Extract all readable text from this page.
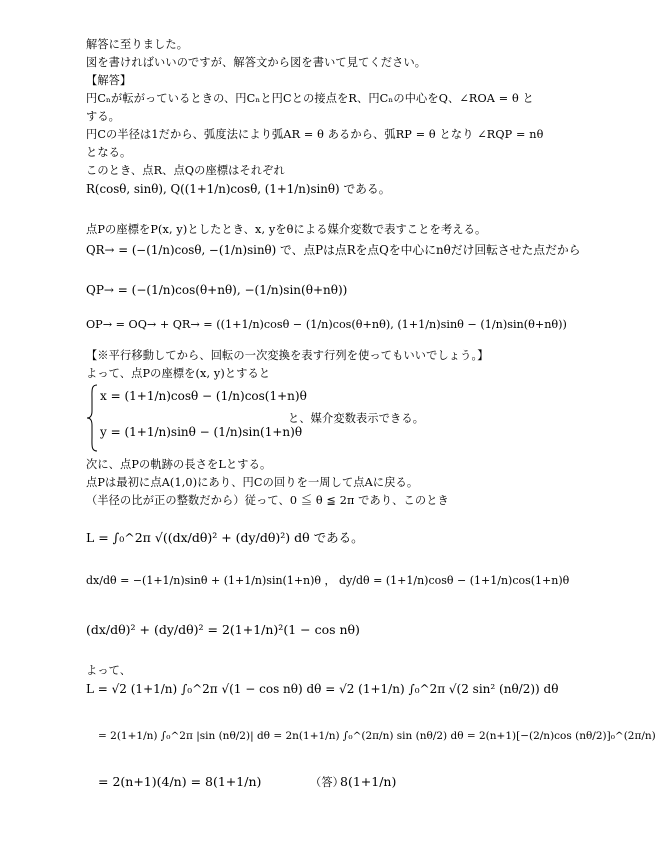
解答に至りました。
図を書ければいいのですが、解答文から図を書いて見てください。
【解答】
円Cₙが転がっているときの、円Cₙと円Cとの接点をR、円Cₙの中心をQ、∠ROA = θ と
する。
円Cの半径は1だから、弧度法により弧AR = θ あるから、弧RP = θ となり ∠RQP = nθ
となる。
このとき、点R、点Qの座標はそれぞれ
R(cosθ, sinθ), Q((1+1/n)cosθ, (1+1/n)sinθ) である。
点Pの座標をP(x, y)としたとき、x, yをθによる媒介変数で表すことを考える。
QR→ = (−(1/n)cosθ, −(1/n)sinθ) で、点Pは点Rを点Qを中心にnθだけ回転させた点だから
QP→ = (−(1/n)cos(θ+nθ), −(1/n)sin(θ+nθ))
OP→ = OQ→ + QR→ = ((1+1/n)cosθ − (1/n)cos(θ+nθ), (1+1/n)sinθ − (1/n)sin(θ+nθ))
【※平行移動してから、回転の一次変換を表す行列を使ってもいいでしょう。】
よって、点Pの座標を(x, y)とすると
x = (1+1/n)cosθ − (1/n)cos(1+n)θ
y = (1+1/n)sinθ − (1/n)sin(1+n)θ
と、媒介変数表示できる。
次に、点Pの軌跡の長さをLとする。
点Pは最初に点A(1,0)にあり、円Cの回りを一周して点Aに戻る。
（半径の比が正の整数だから）従って、0 ≦ θ ≦ 2π であり、このとき
L = ∫₀^2π √((dx/dθ)² + (dy/dθ)²) dθ である。
dx/dθ = −(1+1/n)sinθ + (1+1/n)sin(1+n)θ ， dy/dθ = (1+1/n)cosθ − (1+1/n)cos(1+n)θ
(dx/dθ)² + (dy/dθ)² = 2(1+1/n)²(1 − cos nθ)
よって、
L = √2 (1+1/n) ∫₀^2π √(1 − cos nθ) dθ = √2 (1+1/n) ∫₀^2π √(2 sin² (nθ/2)) dθ
= 2(1+1/n) ∫₀^2π |sin (nθ/2)| dθ = 2n(1+1/n) ∫₀^(2π/n) sin (nθ/2) dθ = 2(n+1)[−(2/n)cos (nθ/2)]₀^(2π/n)
= 2(n+1)(4/n) = 8(1+1/n)	（答）
8(1+1/n)
